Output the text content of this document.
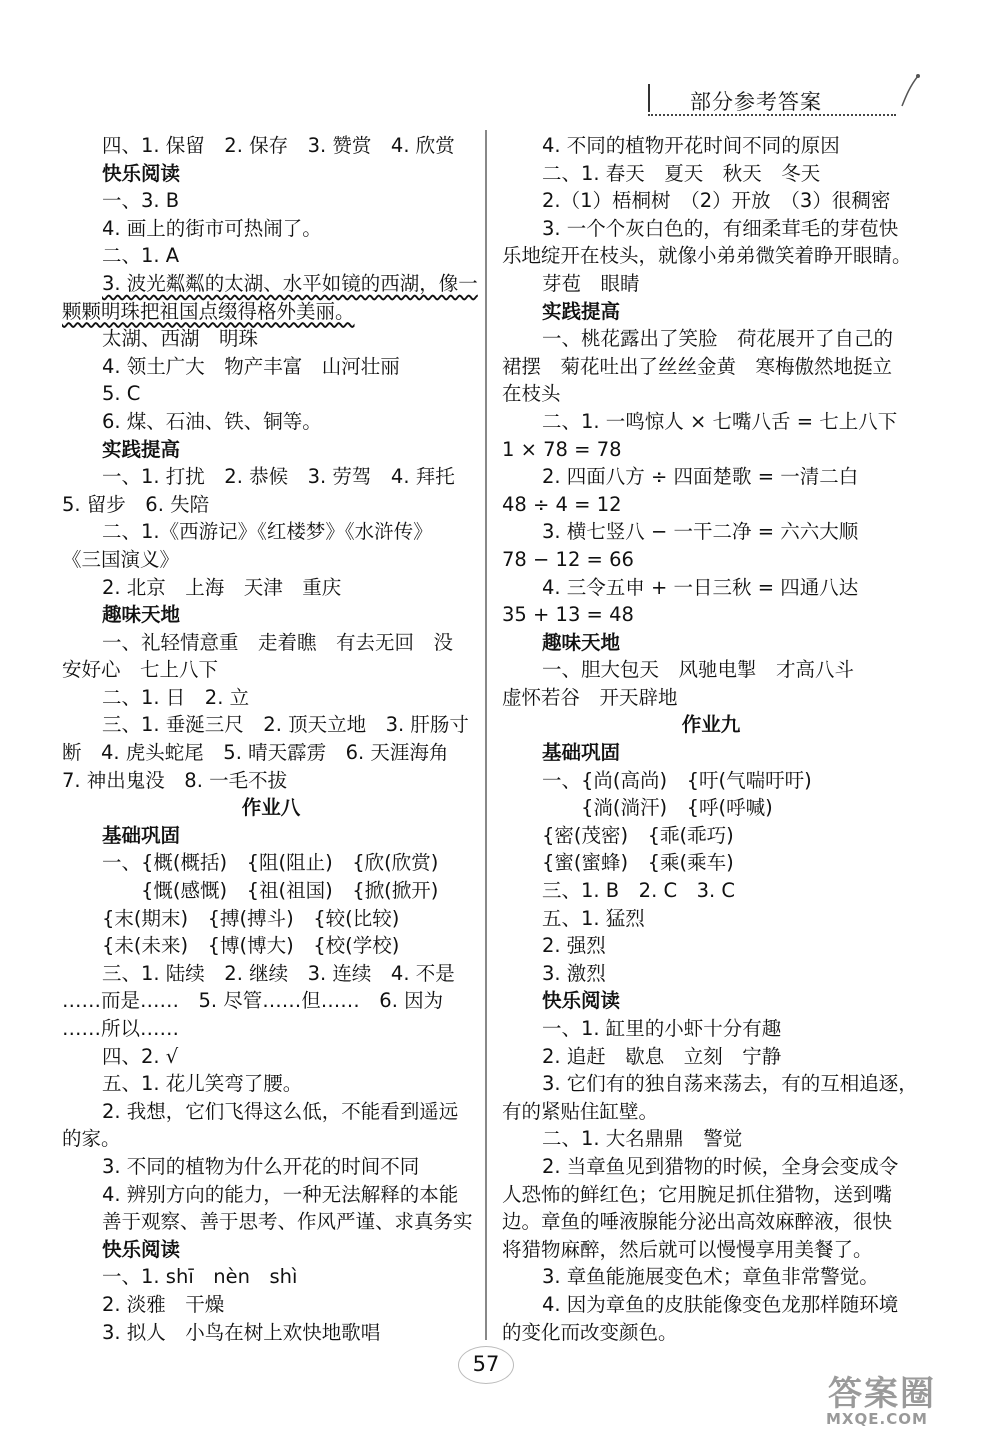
部分参考答案
四、1. 保留　2. 保存　3. 赞赏　4. 欣赏
快乐阅读
一、3. B
4. 画上的街市可热闹了。
二、1. A
3. 波光粼粼的太湖、水平如镜的西湖，像一
颗颗明珠把祖国点缀得格外美丽。
太湖、西湖　明珠
4. 领土广大　物产丰富　山河壮丽
5. C
6. 煤、石油、铁、铜等。
实践提高
一、1. 打扰　2. 恭候　3. 劳驾　4. 拜托
5. 留步　6. 失陪
二、1.《西游记》《红楼梦》《水浒传》
《三国演义》
2. 北京　上海　天津　重庆
趣味天地
一、礼轻情意重　走着瞧　有去无回　没
安好心　七上八下
二、1. 日　2. 立
三、1. 垂涎三尺　2. 顶天立地　3. 肝肠寸
断　4. 虎头蛇尾　5. 晴天霹雳　6. 天涯海角
7. 神出鬼没　8. 一毛不拔
作业八
基础巩固
一、{概(概括)　{阻(阻止)　{欣(欣赏)
　　{慨(感慨)　{祖(祖国)　{掀(掀开)
{末(期末)　{搏(搏斗)　{较(比较)
{未(未来)　{博(博大)　{校(学校)
三、1. 陆续　2. 继续　3. 连续　4. 不是
……而是……　5. 尽管……但……　6. 因为
……所以……
四、2. √
五、1. 花儿笑弯了腰。
2. 我想，它们飞得这么低，不能看到遥远
的家。
3. 不同的植物为什么开花的时间不同
4. 辨别方向的能力，一种无法解释的本能
善于观察、善于思考、作风严谨、求真务实
快乐阅读
一、1. shī　nèn　shì
2. 淡雅　干燥
3. 拟人　小鸟在树上欢快地歌唱
4. 不同的植物开花时间不同的原因
二、1. 春天　夏天　秋天　冬天
2.（1）梧桐树　（2）开放　（3）很稠密
3. 一个个灰白色的，有细柔茸毛的芽苞快
乐地绽开在枝头，就像小弟弟微笑着睁开眼睛。
芽苞　眼睛
实践提高
一、桃花露出了笑脸　荷花展开了自己的
裙摆　菊花吐出了丝丝金黄　寒梅傲然地挺立
在枝头
二、1. 一鸣惊人 × 七嘴八舌 = 七上八下
1 × 78 = 78
2. 四面八方 ÷ 四面楚歌 = 一清二白
48 ÷ 4 = 12
3. 横七竖八 − 一干二净 = 六六大顺
78 − 12 = 66
4. 三令五申 + 一日三秋 = 四通八达
35 + 13 = 48
趣味天地
一、胆大包天　风驰电掣　才高八斗
虚怀若谷　开天辟地
作业九
基础巩固
一、{尚(高尚)　{吁(气喘吁吁)
　　{淌(淌汗)　{呼(呼喊)
{密(茂密)　{乖(乖巧)
{蜜(蜜蜂)　{乘(乘车)
三、1. B　2. C　3. C
五、1. 猛烈
2. 强烈
3. 激烈
快乐阅读
一、1. 缸里的小虾十分有趣
2. 追赶　歇息　立刻　宁静
3. 它们有的独自荡来荡去，有的互相追逐，
有的紧贴住缸壁。
二、1. 大名鼎鼎　警觉
2. 当章鱼见到猎物的时候，全身会变成令
人恐怖的鲜红色；它用腕足抓住猎物，送到嘴
边。章鱼的唾液腺能分泌出高效麻醉液，很快
将猎物麻醉，然后就可以慢慢享用美餐了。
3. 章鱼能施展变色术；章鱼非常警觉。
4. 因为章鱼的皮肤能像变色龙那样随环境
的变化而改变颜色。
57
答案圈
MXQE.COM
